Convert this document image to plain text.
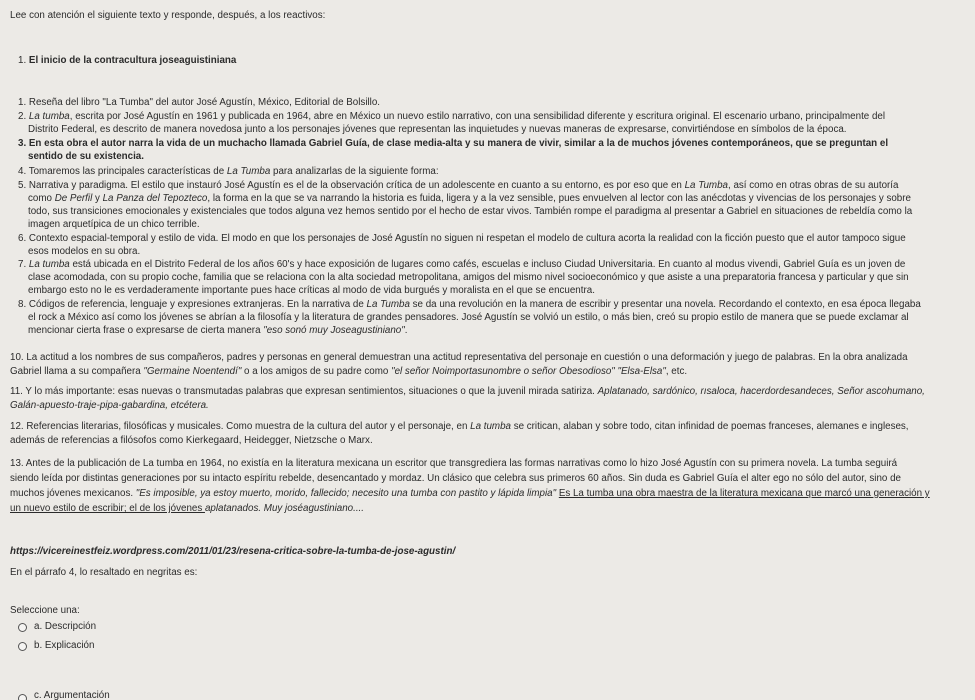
Lee con atención el siguiente texto y responde, después, a los reactivos:

1. El inicio de la contracultura joseaguistiniana

1. Reseña del libro "La Tumba" del autor José Agustín, México, Editorial de Bolsillo.

2. La tumba, escrita por José Agustín en 1961 y publicada en 1964, abre en México un nuevo estilo narrativo, con una sensibilidad diferente y escritura original. El escenario urbano, principalmente del

Distrito Federal, es descrito de manera novedosa junto a los personajes jóvenes que representan las inquietudes y nuevas maneras de expresarse, convirtiéndose en símbolos de la época.

3. En esta obra el autor narra la vida de un muchacho llamada Gabriel Guía, de clase media-alta y su manera de vivir, similar a la de muchos jóvenes contemporáneos, que se preguntan el

sentido de su existencia.

4. Tomaremos las principales características de La Tumba para analizarlas de la siguiente forma:

5. Narrativa y paradigma. El estilo que instauró José Agustín es el de la observación crítica de un adolescente en cuanto a su entorno, es por eso que en La Tumba, así como en otras obras de su autoría

como De Perfil y La Panza del Tepozteco, la forma en la que se va narrando la historia es fuida, ligera y a la vez sensible, pues envuelven al lector con las anécdotas y vivencias de los personajes y sobre

todo, sus transiciones emocionales y existenciales que todos alguna vez hemos sentido por el hecho de estar vivos. También rompe el paradigma al presentar a Gabriel en situaciones de rebeldía como la

imagen arquetípica de un chico terrible.

6. Contexto espacial-temporal y estilo de vida. El modo en que los personajes de José Agustín no siguen ni respetan el modelo de cultura acorta la realidad con la ficción puesto que el autor tampoco sigue

esos modelos en su obra.

7. La tumba está ubicada en el Distrito Federal de los años 60's y hace exposición de lugares como cafés, escuelas e incluso Ciudad Universitaria. En cuanto al modus vivendi, Gabriel Guía es un joven de

clase acomodada, con su propio coche, familia que se relaciona con la alta sociedad metropolitana, amigos del mismo nivel socioeconómico y que asiste a una preparatoria francesa y particular y que sin

embargo esto no le es verdaderamente importante pues hace críticas al modo de vida burgués y moralista en el que se encuentra.

8. Códigos de referencia, lenguaje y expresiones extranjeras. En la narrativa de La Tumba se da una revolución en la manera de escribir y presentar una novela. Recordando el contexto, en esa época llegaba

el rock a México así como los jóvenes se abrían a la filosofía y la literatura de grandes pensadores. José Agustín se volvió un estilo, o más bien, creó su propio estilo de manera que se puede exclamar al

mencionar cierta frase o expresarse de cierta manera "eso sonó muy Joseagustiniano".

10. La actitud a los nombres de sus compañeros, padres y personas en general demuestran una actitud representativa del personaje en cuestión o una deformación y juego de palabras. En la obra analizada

Gabriel llama a su compañera "Germaine Noentendí" o a los amigos de su padre como "el señor Noimportasunombre o señor Obesodioso" "Elsa-Elsa", etc.

11. Y lo más importante: esas nuevas o transmutadas palabras que expresan sentimientos, situaciones o que la juvenil mirada satiriza. Aplatanado, sardónico, rısaloca, hacerdordesandeces, Señor ascohumano,

Galán-apuesto-traje-pipa-gabardina, etcétera.

12. Referencias literarias, filosóficas y musicales. Como muestra de la cultura del autor y el personaje, en La tumba se critican, alaban y sobre todo, citan infinidad de poemas franceses, alemanes e ingleses,

además de referencias a filósofos como Kierkegaard, Heidegger, Nietzsche o Marx.

13. Antes de la publicación de La tumba en 1964, no existía en la literatura mexicana un escritor que transgrediera las formas narrativas como lo hizo José Agustín con su primera novela. La tumba seguirá

siendo leída por distintas generaciones por su intacto espíritu rebelde, desencantado y mordaz. Un clásico que celebra sus primeros 60 años. Sin duda es Gabriel Guía el alter ego no sólo del autor, sino de

muchos jóvenes mexicanos. "Es imposible, ya estoy muerto, morido, fallecido; necesito una tumba con pastito y lápida limpia" Es La tumba una obra maestra de la literatura mexicana que marcó una generación y

un nuevo estilo de escribir; el de los jóvenes aplatanados. Muy joséagustiniano....

https://vicereinestfeiz.wordpress.com/2011/01/23/resena-critica-sobre-la-tumba-de-jose-agustin/

En el párrafo 4, lo resaltado en negritas es:

Seleccione una:

a. Descripción
b. Explicación
c. Argumentación
